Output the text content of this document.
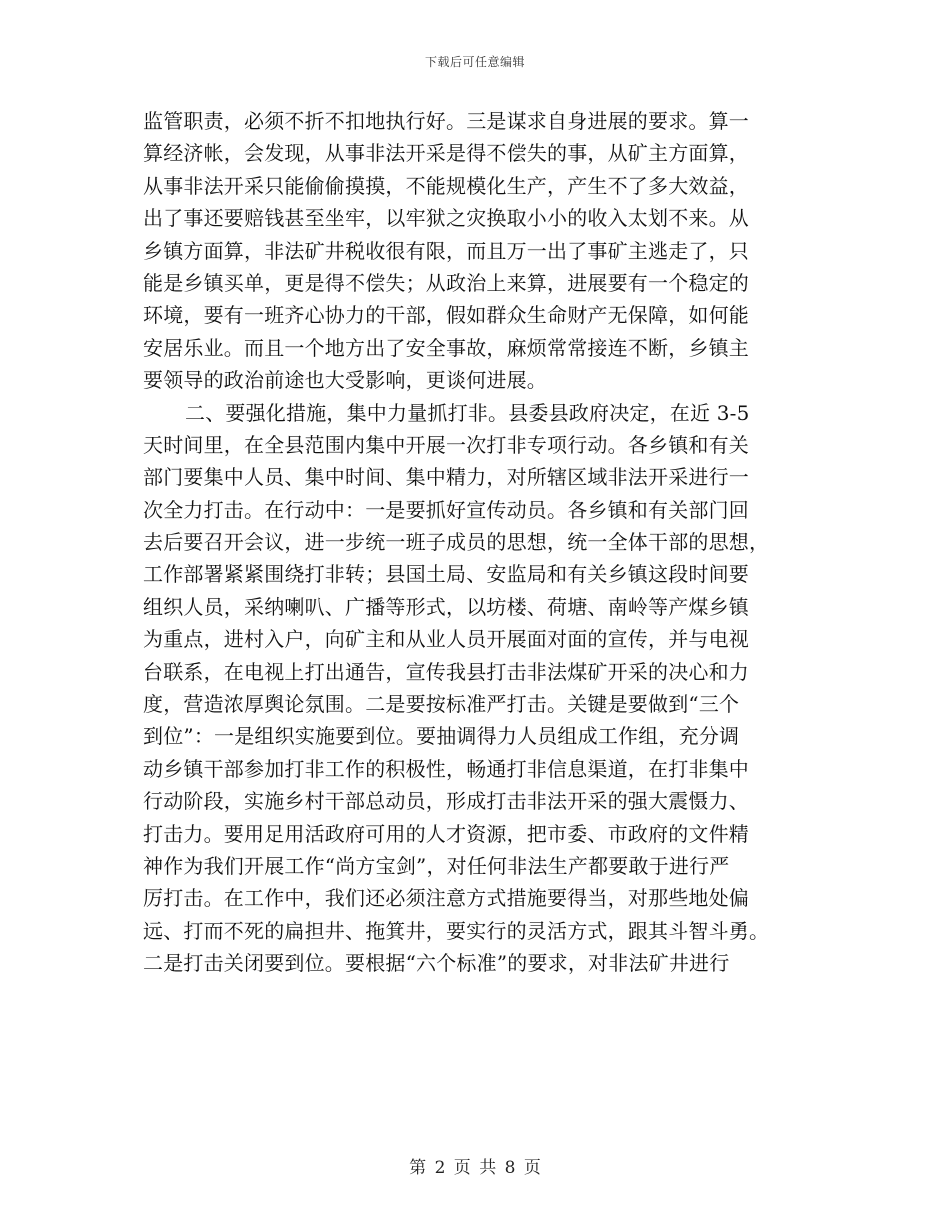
下载后可任意编辑
监管职责，必须不折不扣地执行好。三是谋求自身进展的要求。算一
算经济帐，会发现，从事非法开采是得不偿失的事，从矿主方面算，
从事非法开采只能偷偷摸摸，不能规模化生产，产生不了多大效益，
出了事还要赔钱甚至坐牢，以牢狱之灾换取小小的收入太划不来。从
乡镇方面算，非法矿井税收很有限，而且万一出了事矿主逃走了，只
能是乡镇买单，更是得不偿失；从政治上来算，进展要有一个稳定的
环境，要有一班齐心协力的干部，假如群众生命财产无保障，如何能
安居乐业。而且一个地方出了安全事故，麻烦常常接连不断，乡镇主
要领导的政治前途也大受影响，更谈何进展。
二、要强化措施，集中力量抓打非。县委县政府决定，在近 3-5
天时间里，在全县范围内集中开展一次打非专项行动。各乡镇和有关
部门要集中人员、集中时间、集中精力，对所辖区域非法开采进行一
次全力打击。在行动中：一是要抓好宣传动员。各乡镇和有关部门回
去后要召开会议，进一步统一班子成员的思想，统一全体干部的思想，
工作部署紧紧围绕打非转；县国土局、安监局和有关乡镇这段时间要
组织人员，采纳喇叭、广播等形式，以坊楼、荷塘、南岭等产煤乡镇
为重点，进村入户，向矿主和从业人员开展面对面的宣传，并与电视
台联系，在电视上打出通告，宣传我县打击非法煤矿开采的决心和力
度，营造浓厚舆论氛围。二是要按标准严打击。关键是要做到“三个
到位”：一是组织实施要到位。要抽调得力人员组成工作组，充分调
动乡镇干部参加打非工作的积极性，畅通打非信息渠道，在打非集中
行动阶段，实施乡村干部总动员，形成打击非法开采的强大震慑力、
打击力。要用足用活政府可用的人才资源，把市委、市政府的文件精
神作为我们开展工作“尚方宝剑”，对任何非法生产都要敢于进行严
厉打击。在工作中，我们还必须注意方式措施要得当，对那些地处偏
远、打而不死的扁担井、拖箕井，要实行的灵活方式，跟其斗智斗勇。
二是打击关闭要到位。要根据“六个标准”的要求，对非法矿井进行
第 2 页 共 8 页
